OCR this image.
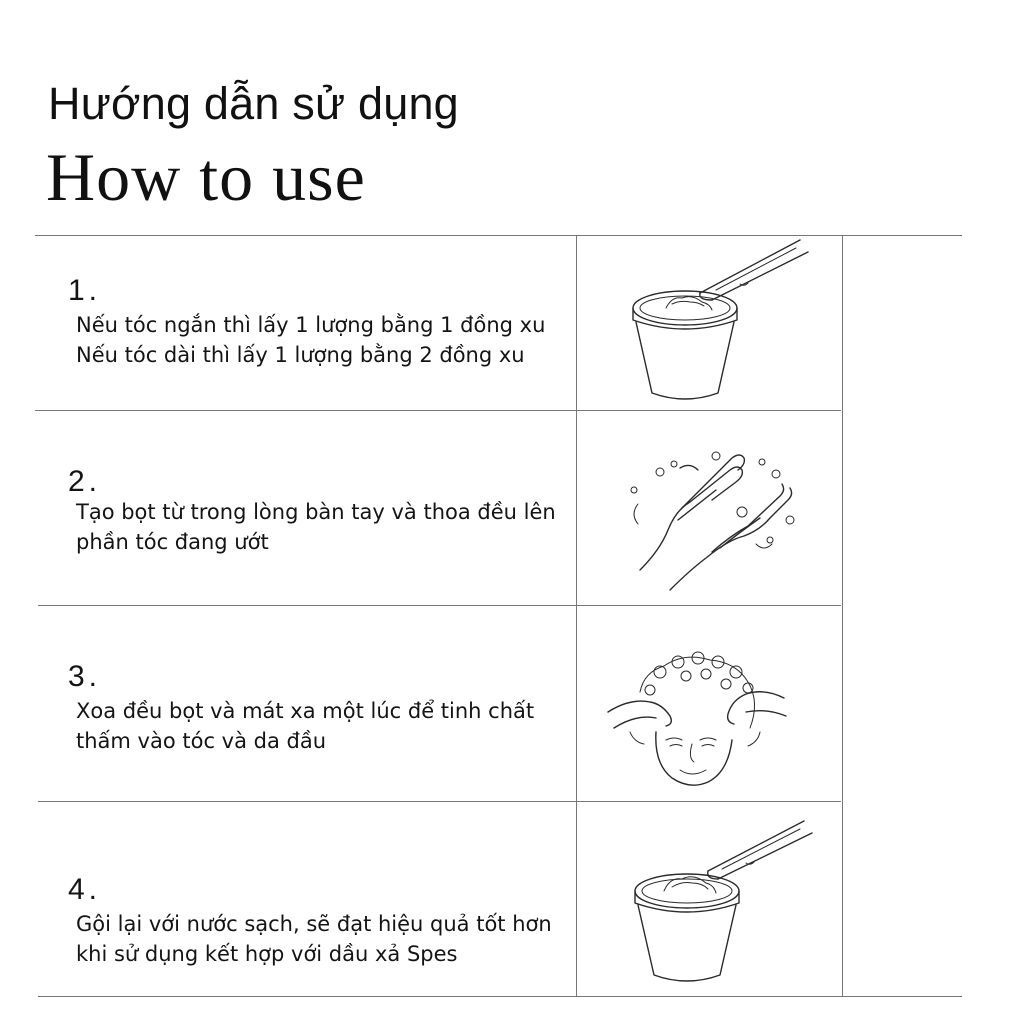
Hướng dẫn sử dụng
How to use

1.

Nếu tóc ngắn thì lấy 1 lượng bằng 1 đồng xu
Nếu tóc dài thì lấy 1 lượng bằng 2 đồng xu

2.

Tạo bọt từ trong lòng bàn tay và thoa đều lên
phần tóc đang ướt

3.

Xoa đều bọt và mát xa một lúc để tinh chất
thấm vào tóc và da đầu

4.

Gội lại với nước sạch, sẽ đạt hiệu quả tốt hơn
khi sử dụng kết hợp với dầu xả Spes
